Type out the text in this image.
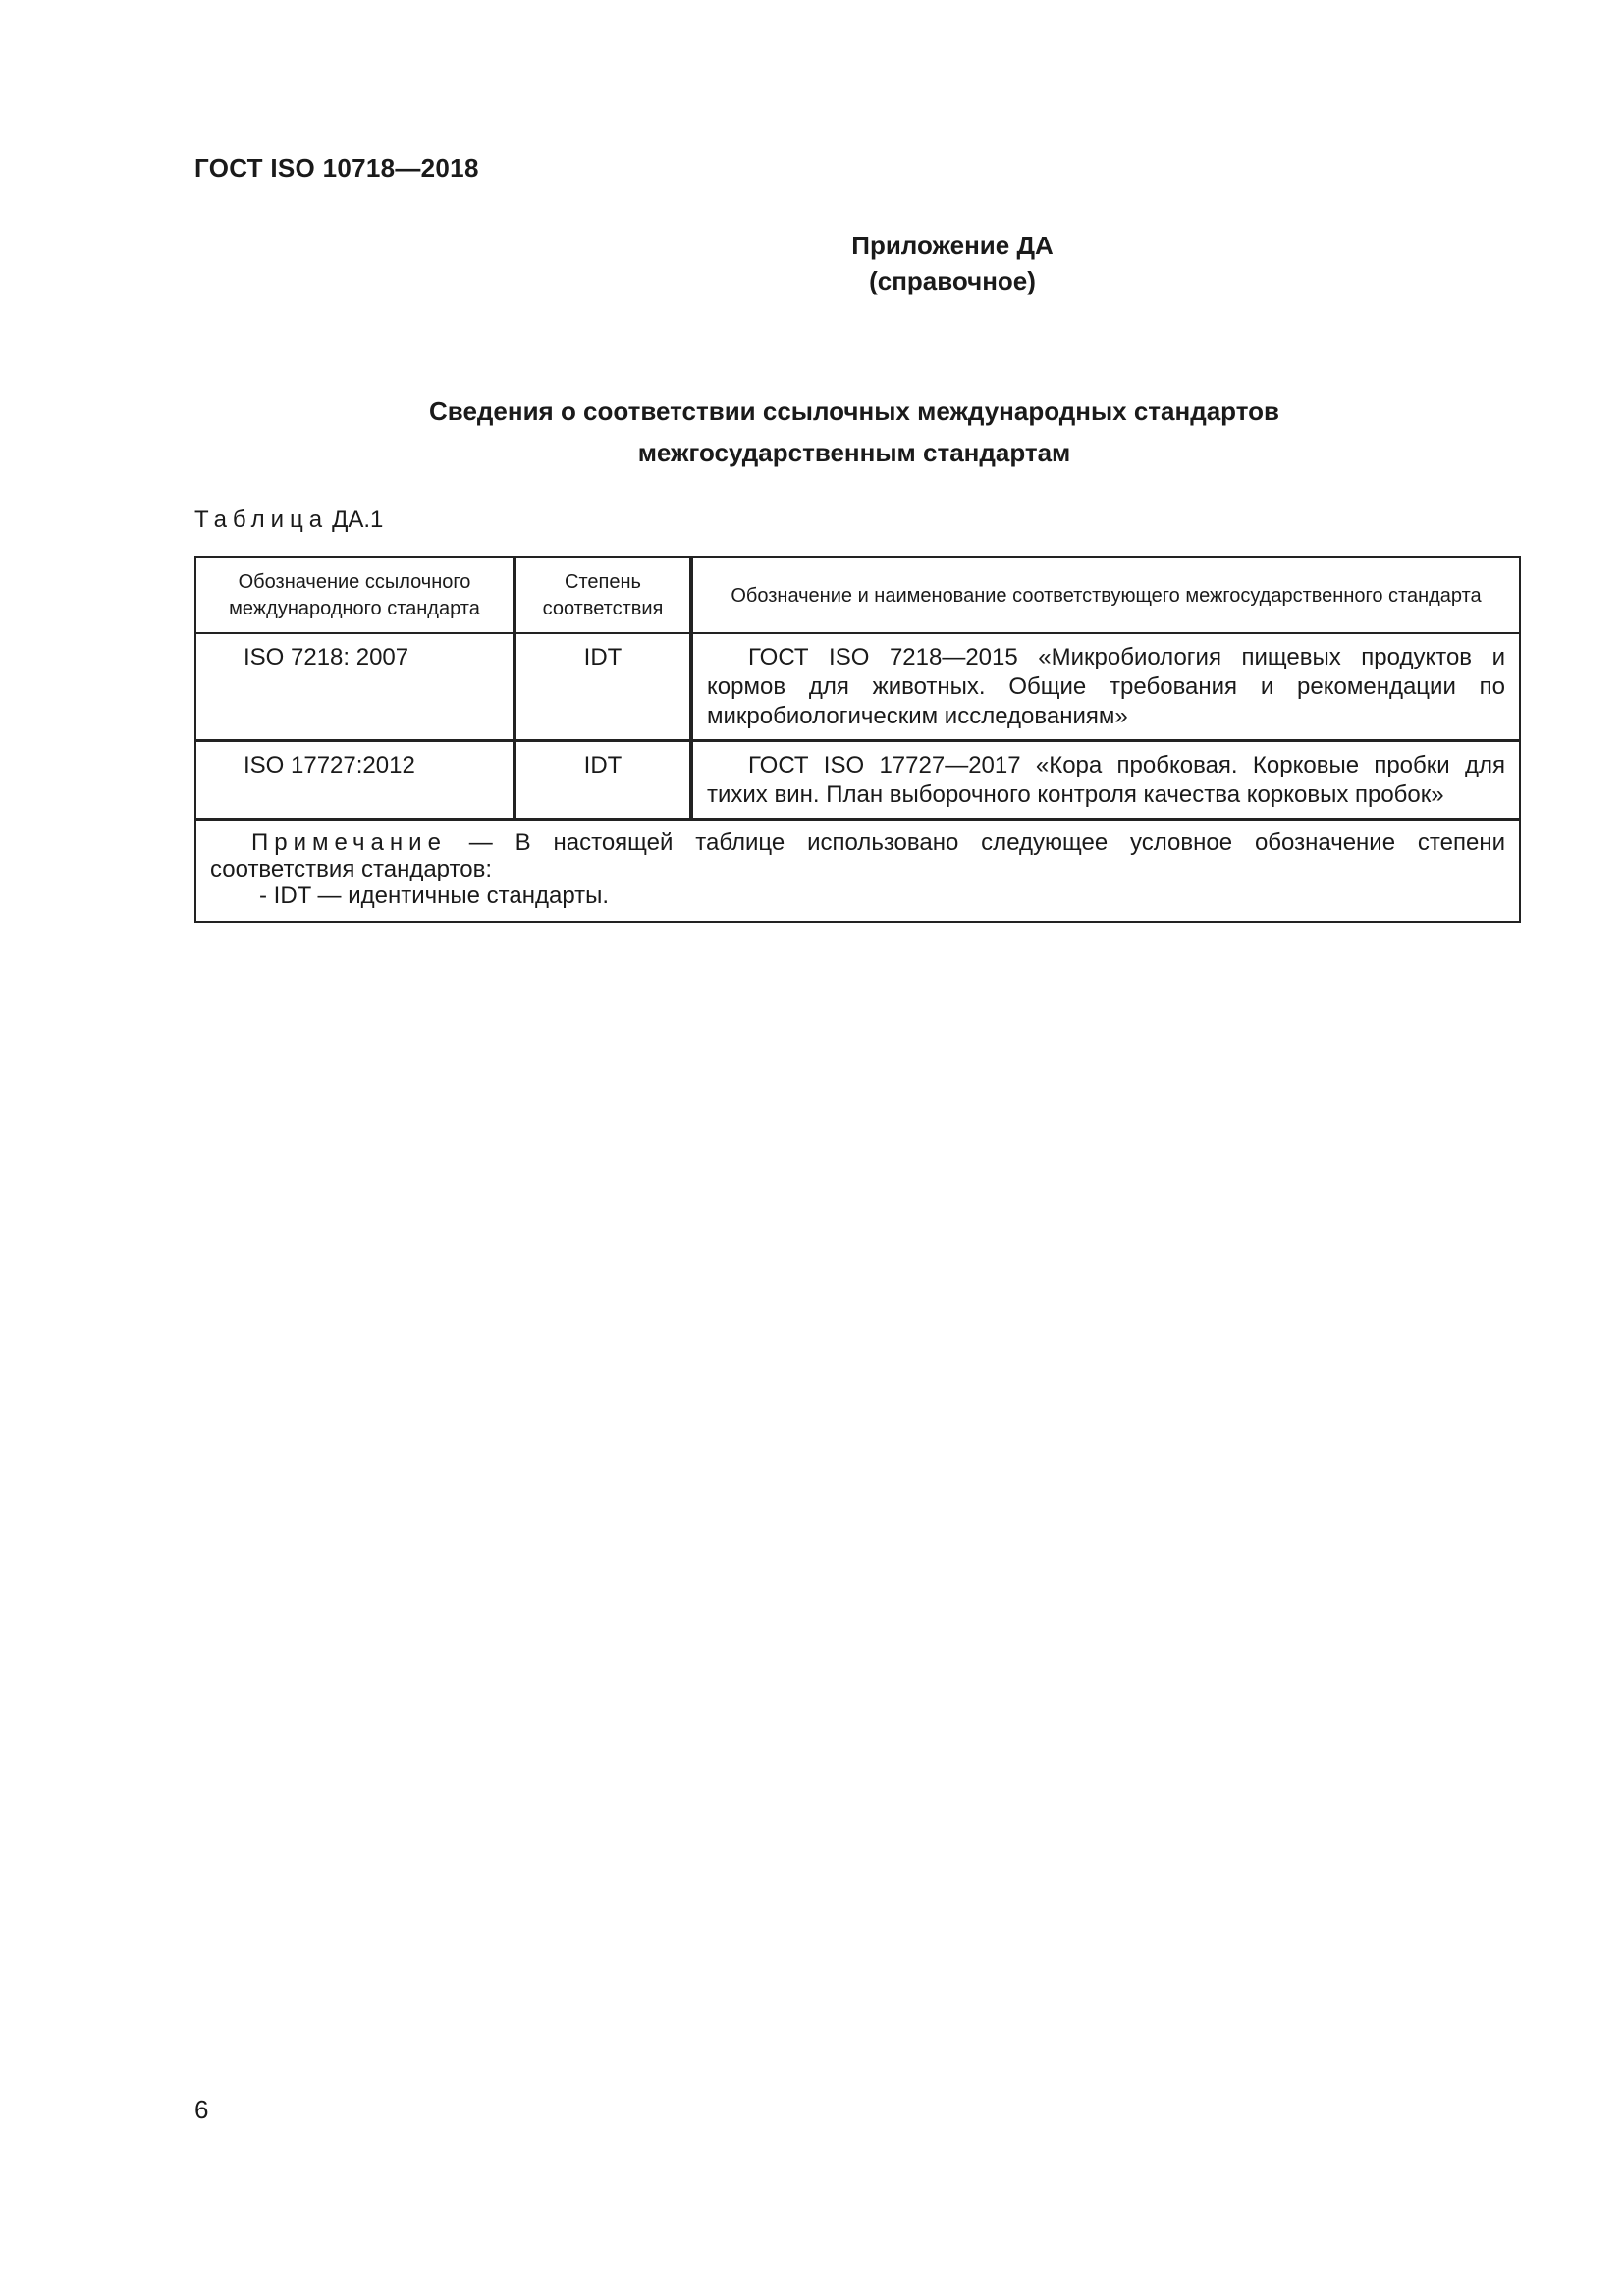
ГОСТ ISO 10718—2018
Приложение ДА
(справочное)
Сведения о соответствии ссылочных международных стандартов
межгосударственным стандартам
Таблица ДА.1
Обозначение ссылочного международного стандарта	Степень соответствия	Обозначение и наименование соответствующего межгосударственного стандарта
ISO 7218: 2007	IDT	ГОСТ ISO 7218—2015 «Микробиология пищевых продуктов и кормов для животных. Общие требования и рекомендации по микробиологическим исследованиям»
ISO 17727:2012	IDT	ГОСТ ISO 17727—2017 «Кора пробковая. Корковые пробки для тихих вин. План выборочного контроля качества корковых пробок»

Примечание — В настоящей таблице использовано следующее условное обозначение степени соответствия стандартов:
- IDT — идентичные стандарты.		
6
